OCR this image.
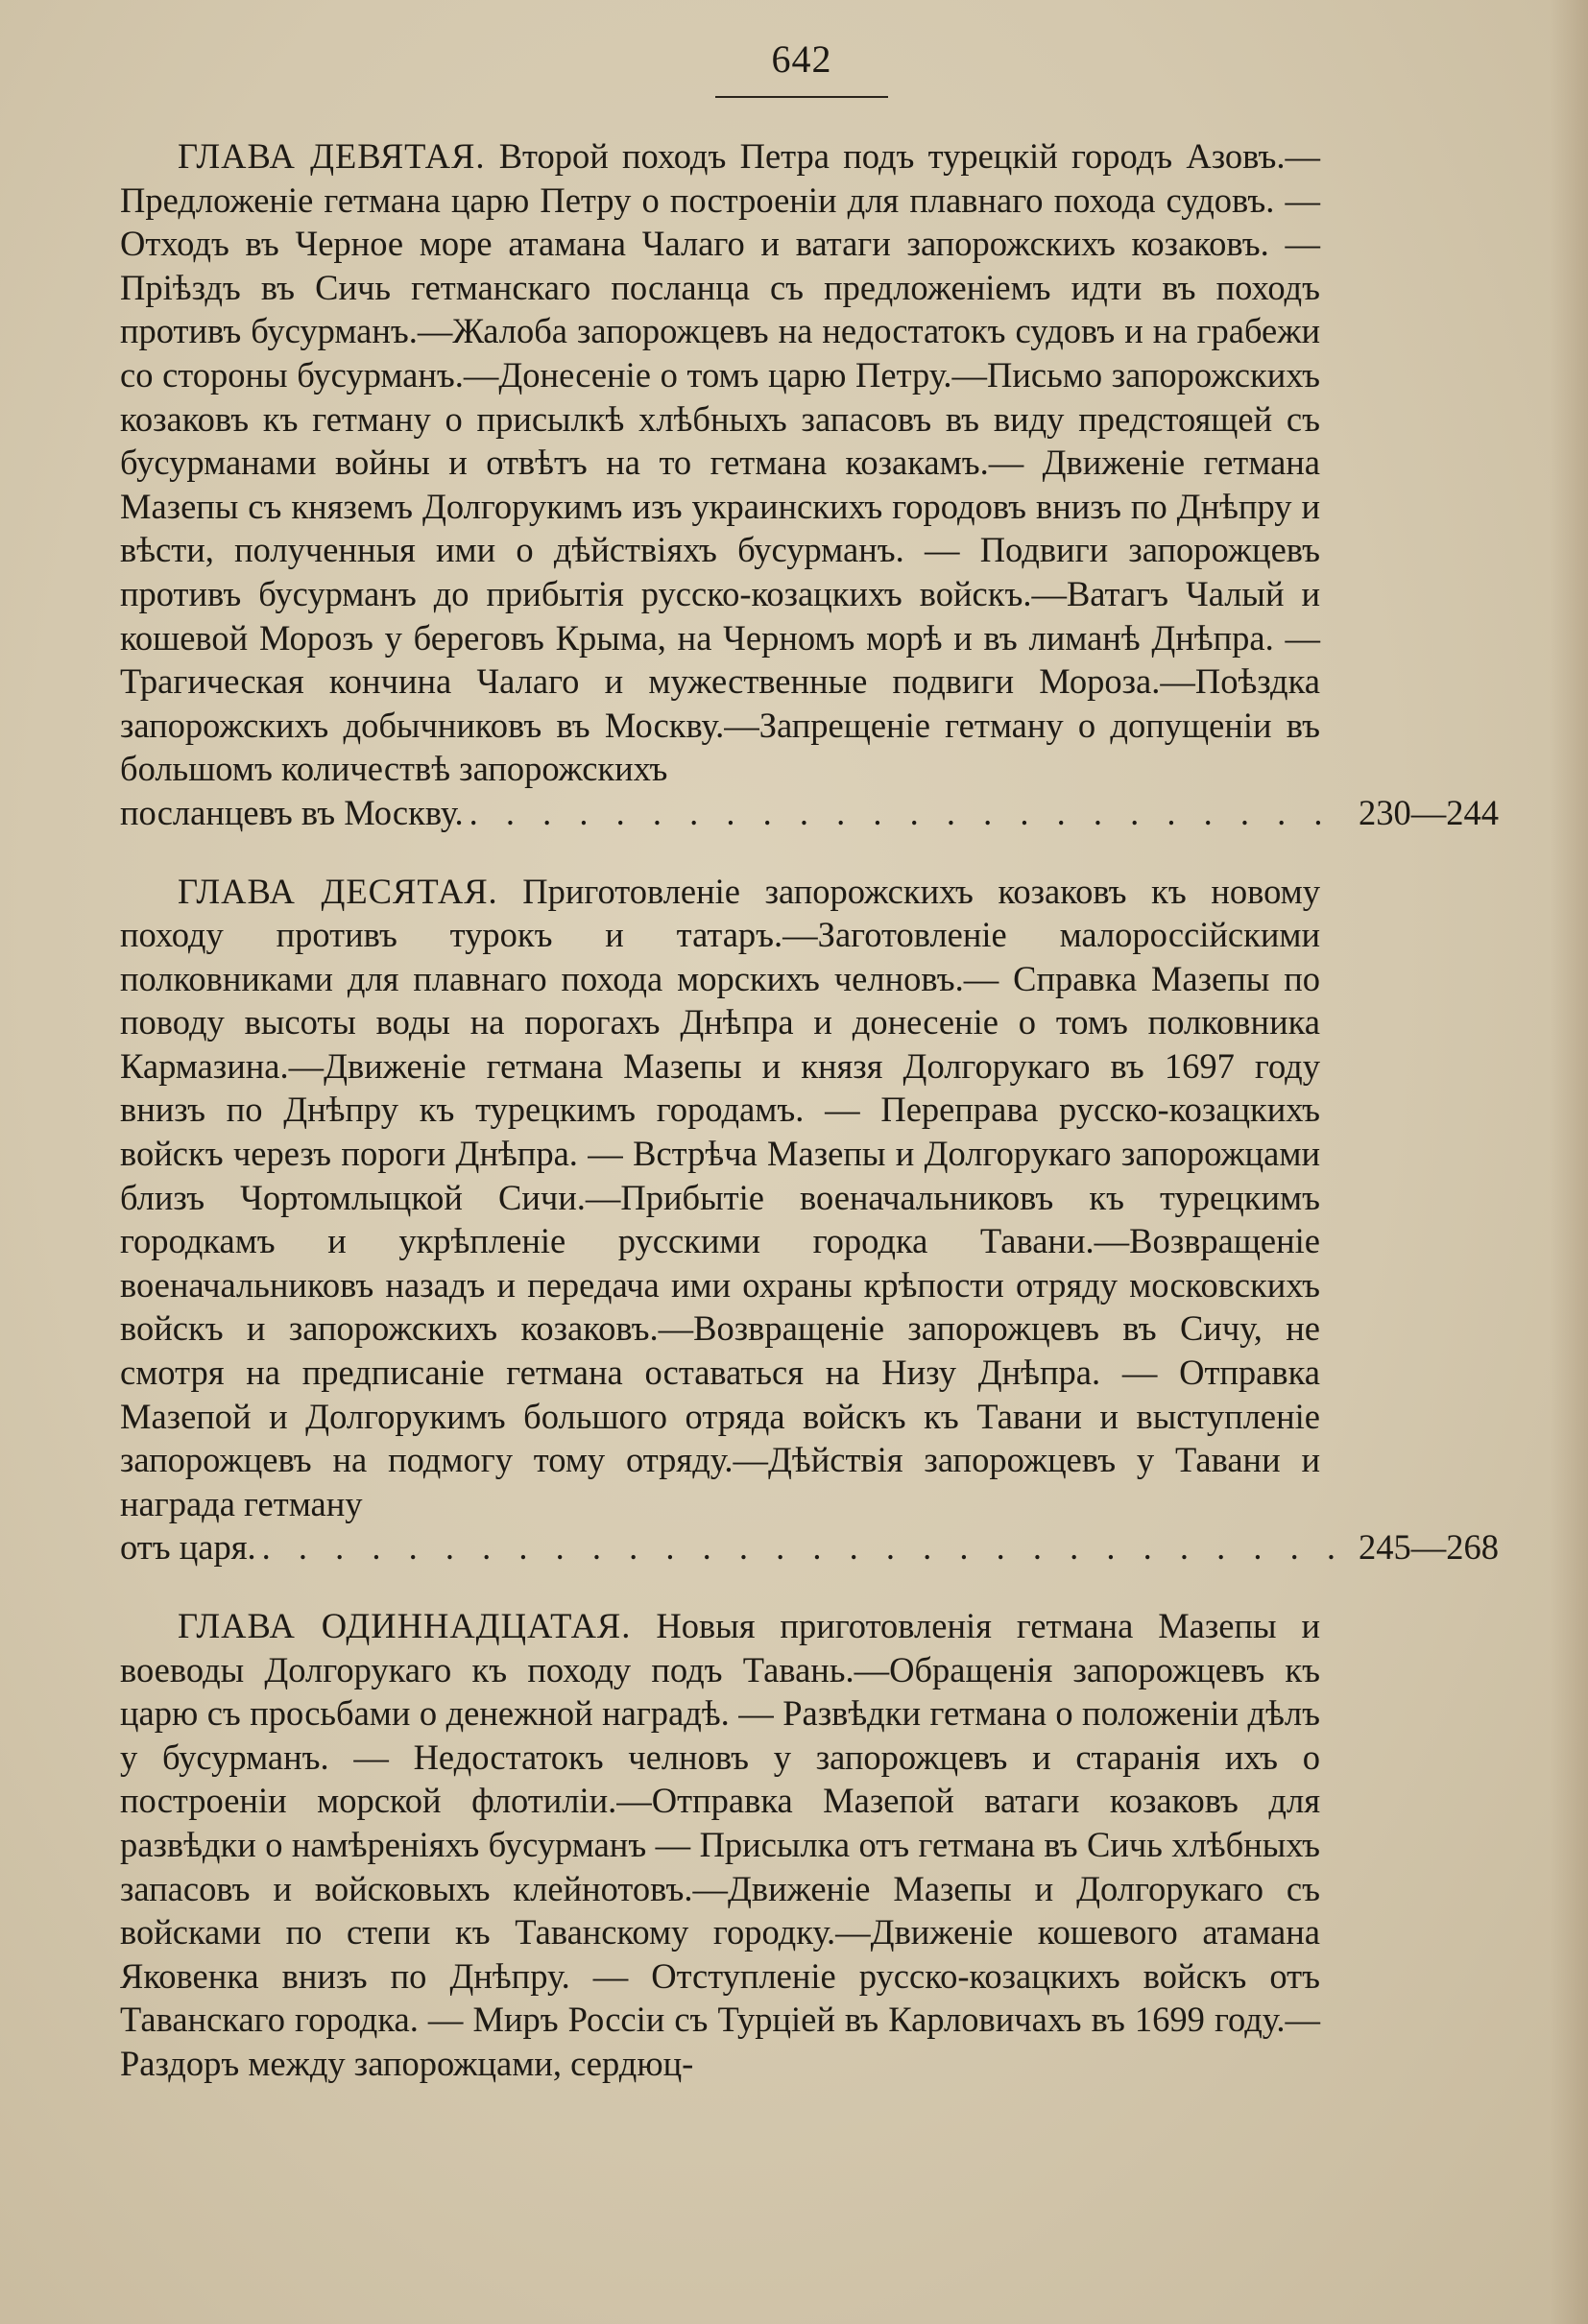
642
ГЛАВА ДЕВЯТАЯ. Второй походъ Петра подъ турецкій городъ Азовъ.—Предложеніе гетмана царю Петру о построеніи для плавнаго похода судовъ. — Отходъ въ Черное море атамана Чалаго и ватаги запорожскихъ козаковъ. — Пріѣздъ въ Сичь гетманскаго посланца съ предложеніемъ идти въ походъ противъ бусурманъ.—Жалоба запорожцевъ на недостатокъ судовъ и на грабежи со стороны бусурманъ.—Донесеніе о томъ царю Петру.—Письмо запорожскихъ козаковъ къ гетману о присылкѣ хлѣбныхъ запасовъ въ виду предстоящей съ бусурманами войны и отвѣтъ на то гетмана козакамъ.— Движеніе гетмана Мазепы съ княземъ Долгорукимъ изъ украинскихъ городовъ внизъ по Днѣпру и вѣсти, полученныя ими о дѣйствіяхъ бусурманъ. — Подвиги запорожцевъ противъ бусурманъ до прибытія русско-козацкихъ войскъ.—Ватагъ Чалый и кошевой Морозъ у береговъ Крыма, на Черномъ морѣ и въ лиманѣ Днѣпра. — Трагическая кончина Чалаго и мужественные подвиги Мороза.—Поѣздка запорожскихъ добычниковъ въ Москву.—Запрещеніе гетману о допущеніи въ большомъ количествѣ запорожскихъ
посланцевъ въ Москву. . . .	230—244
ГЛАВА ДЕСЯТАЯ. Приготовленіе запорожскихъ козаковъ къ новому походу противъ турокъ и татаръ.—Заготовленіе малороссійскими полковниками для плавнаго похода морскихъ челновъ.— Справка Мазепы по поводу высоты воды на порогахъ Днѣпра и донесеніе о томъ полковника Кармазина.—Движеніе гетмана Мазепы и князя Долгорукаго въ 1697 году внизъ по Днѣпру къ турецкимъ городамъ. — Переправа русско-козацкихъ войскъ черезъ пороги Днѣпра. — Встрѣча Мазепы и Долгорукаго запорожцами близъ Чортомлыцкой Сичи.—Прибытіе военачальниковъ къ турецкимъ городкамъ и укрѣпленіе русскими городка Тавани.—Возвращеніе военачальниковъ назадъ и передача ими охраны крѣпости отряду московскихъ войскъ и запорожскихъ козаковъ.—Возвращеніе запорожцевъ въ Сичу, не смотря на предписаніе гетмана оставаться на Низу Днѣпра. — Отправка Мазепой и Долгорукимъ большого отряда войскъ къ Тавани и выступленіе запорожцевъ на подмогу тому отряду.—Дѣйствія запорожцевъ у Тавани и награда гетману
отъ царя. . . .	245—268
ГЛАВА ОДИННАДЦАТАЯ. Новыя приготовленія гетмана Мазепы и воеводы Долгорукаго къ походу подъ Тавань.—Обращенія запорожцевъ къ царю съ просьбами о денежной наградѣ. — Развѣдки гетмана о положеніи дѣлъ у бусурманъ. — Недостатокъ челновъ у запорожцевъ и старанія ихъ о построеніи морской флотиліи.—Отправка Мазепой ватаги козаковъ для развѣдки о намѣреніяхъ бусурманъ — Присылка отъ гетмана въ Сичь хлѣбныхъ запасовъ и войсковыхъ клейнотовъ.—Движеніе Мазепы и Долгорукаго съ войсками по степи къ Таванскому городку.—Движеніе кошевого атамана Яковенка внизъ по Днѣпру. — Отступленіе русско-козацкихъ войскъ отъ Таванскаго городка. — Миръ Россіи съ Турціей въ Карловичахъ въ 1699 году.—Раздоръ между запорожцами, сердюц-
